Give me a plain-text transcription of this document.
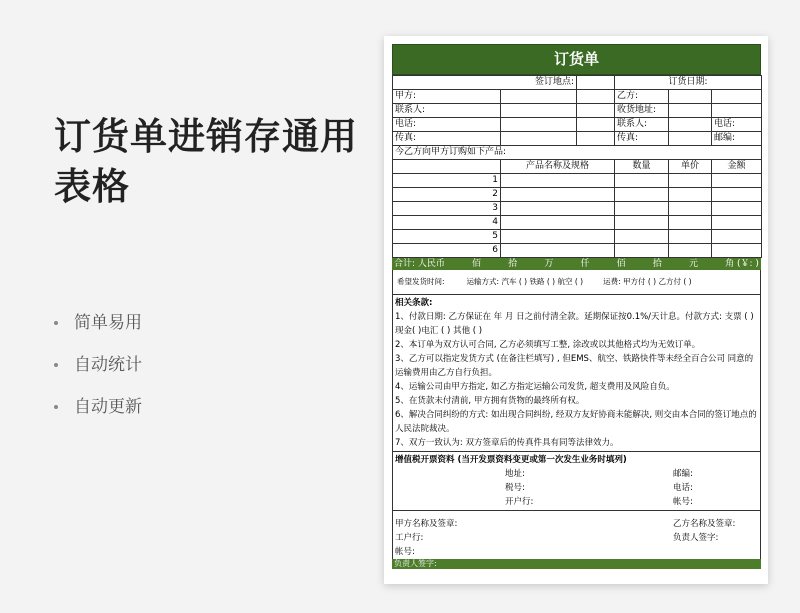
订货单进销存通用表格
简单易用
自动统计
自动更新
订货单
签订地点:			订货日期:		
甲方:			乙方:		
联系人:			收货地址:		
电话:			联系人:		电话:
传真:			传真:		邮编:
今乙方向甲方订购如下产品:					
	产品名称及规格		数量	单价	金额
1					
2					
3					
4					
5					
6					
合计: 人民币	佰	拾	万	仟	佰	拾	元	角 (￥: )
希望发货时间:	运输方式: 汽车 ( ) 铁路 ( ) 航空 ( )	运费: 甲方付 ( ) 乙方付 ( )
相关条款:
1、付款日期: 乙方保证在 年 月 日之前付清全款。延期保证按0.1%/天计息。付款方式: 支票 ( ) 现金( )电汇 ( ) 其他 ( )
2、本订单为双方认可合同, 乙方必须填写工整, 涂改或以其他格式均为无效订单。
3、乙方可以指定发货方式 (在备注栏填写) , 但EMS、航空、铁路快件等未经全百合公司 同意的运输费用由乙方自行负担。
4、运输公司由甲方指定, 如乙方指定运输公司发货, 超支费用及风险自负。
5、在货款未付清前, 甲方拥有货物的最终所有权。
6、解决合同纠纷的方式: 如出现合同纠纷, 经双方友好协商未能解决, 则交由本合同的签订地点的人民法院裁决。
7、双方一致认为: 双方签章后的传真件具有同等法律效力。
增值税开票资料 (当开发票资料变更或第一次发生业务时填列)
地址:	邮编:
税号:	电话:
开户行:	帐号:
甲方名称及签章:	乙方名称及签章:
工户行:	负责人签字:
帐号:
负责人签字:
